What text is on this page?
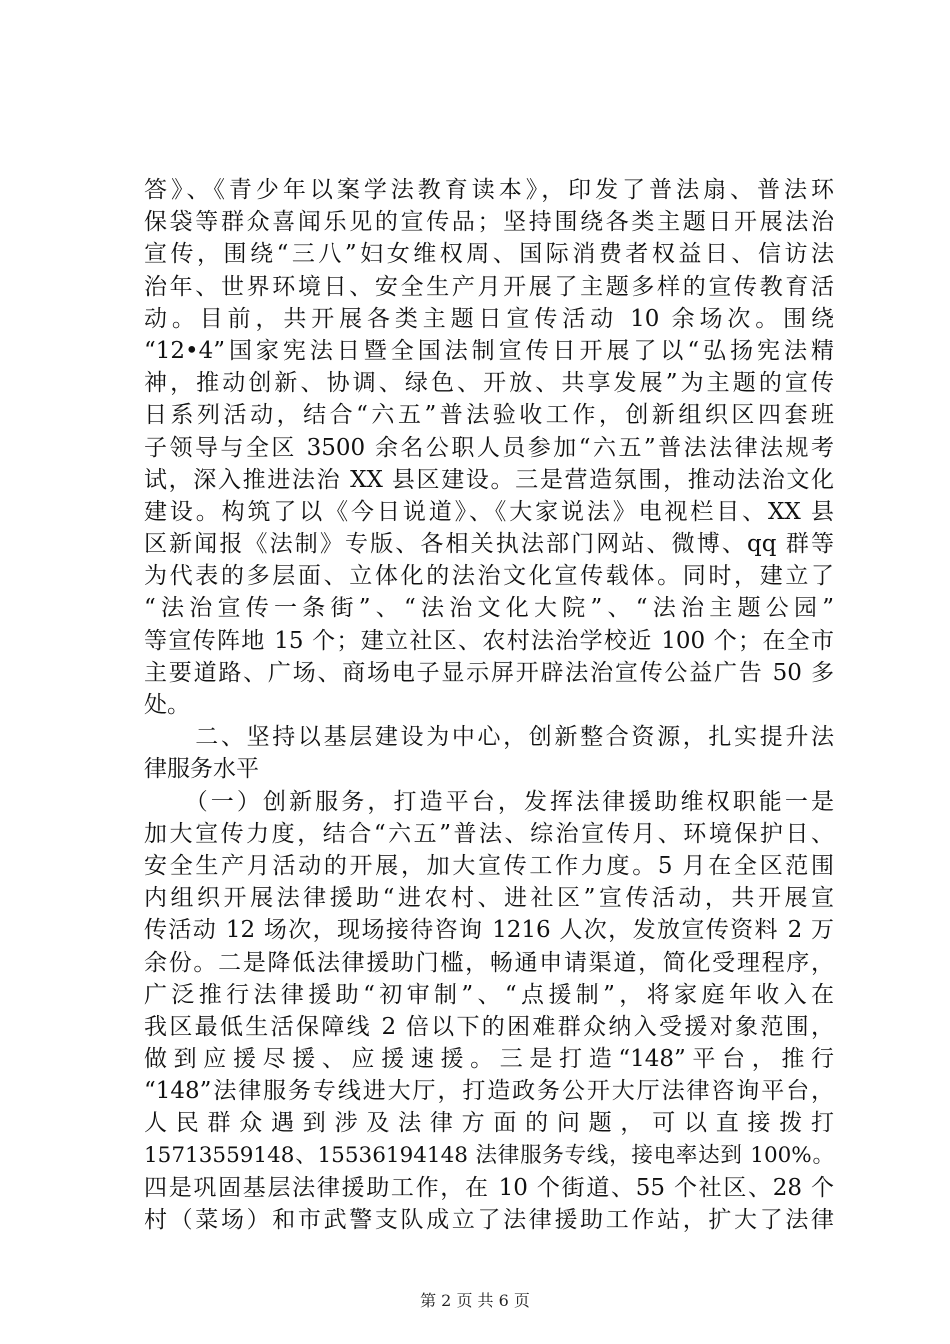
答》、《青少年以案学法教育读本》，印发了普法扇、普法环
保袋等群众喜闻乐见的宣传品；坚持围绕各类主题日开展法治
宣传，围绕“三八”妇女维权周、国际消费者权益日、信访法
治年、世界环境日、安全生产月开展了主题多样的宣传教育活
动。目前，共开展各类主题日宣传活动 10 余场次。围绕
“12•4”国家宪法日暨全国法制宣传日开展了以“弘扬宪法精
神，推动创新、协调、绿色、开放、共享发展”为主题的宣传
日系列活动，结合“六五”普法验收工作，创新组织区四套班
子领导与全区 3500 余名公职人员参加“六五”普法法律法规考
试，深入推进法治 XX 县区建设。三是营造氛围，推动法治文化
建设。构筑了以《今日说道》、《大家说法》电视栏目、XX 县
区新闻报《法制》专版、各相关执法部门网站、微博、qq 群等
为代表的多层面、立体化的法治文化宣传载体。同时，建立了
“法治宣传一条街”、“法治文化大院”、“法治主题公园”
等宣传阵地 15 个；建立社区、农村法治学校近 100 个；在全市
主要道路、广场、商场电子显示屏开辟法治宣传公益广告 50 多
处。
　　二、坚持以基层建设为中心，创新整合资源，扎实提升法
律服务水平
　　（一）创新服务，打造平台，发挥法律援助维权职能一是
加大宣传力度，结合“六五”普法、综治宣传月、环境保护日、
安全生产月活动的开展，加大宣传工作力度。5 月在全区范围
内组织开展法律援助“进农村、进社区”宣传活动，共开展宣
传活动 12 场次，现场接待咨询 1216 人次，发放宣传资料 2 万
余份。二是降低法律援助门槛，畅通申请渠道，简化受理程序，
广泛推行法律援助“初审制”、“点援制”，将家庭年收入在
我区最低生活保障线 2 倍以下的困难群众纳入受援对象范围，
做到应援尽援、应援速援。三是打造“148”平台，推行
“148”法律服务专线进大厅，打造政务公开大厅法律咨询平台，
人民群众遇到涉及法律方面的问题，可以直接拨打
15713559148、15536194148 法律服务专线，接电率达到 100%。
四是巩固基层法律援助工作，在 10 个街道、55 个社区、28 个
村（菜场）和市武警支队成立了法律援助工作站，扩大了法律
第 2 页 共 6 页
